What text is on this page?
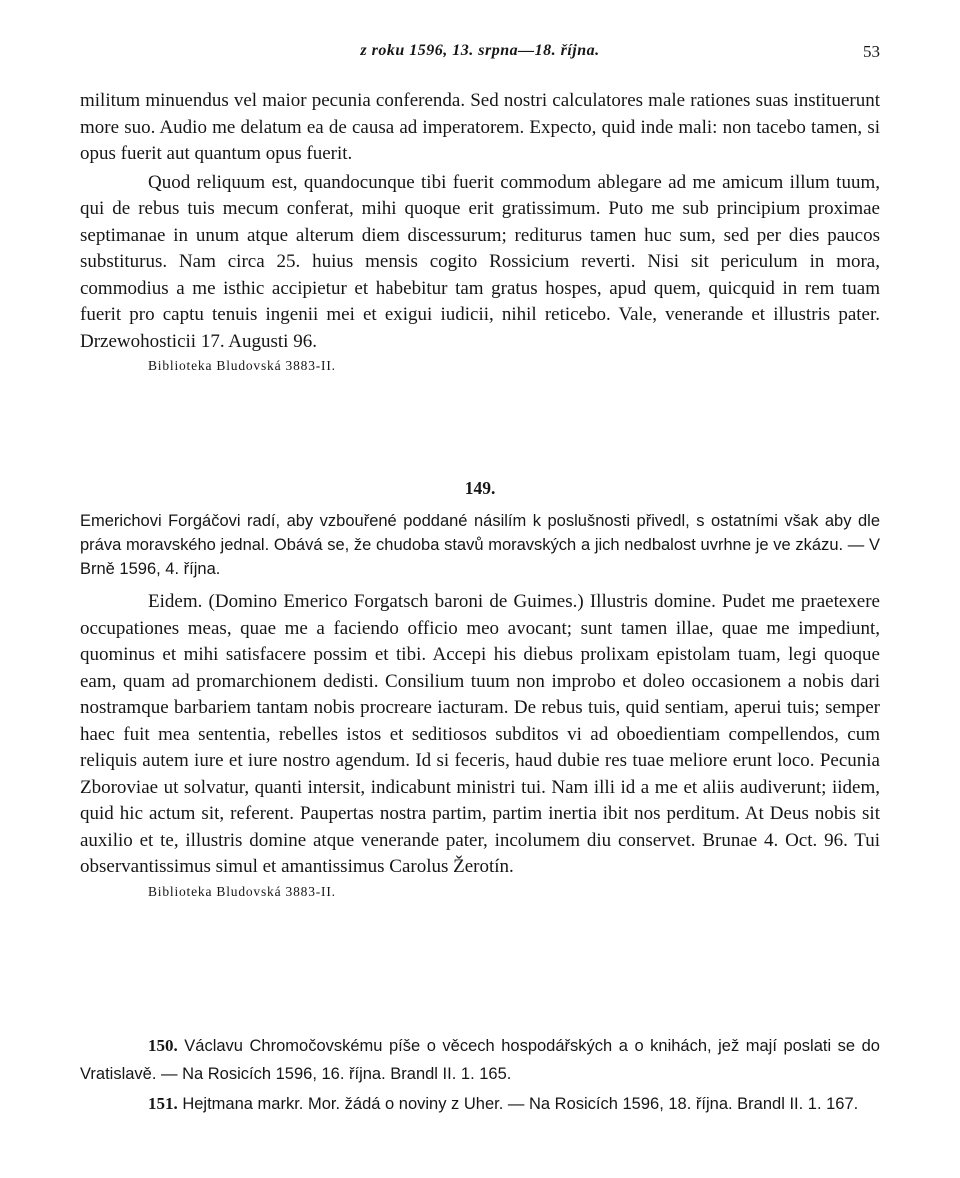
z roku 1596, 13. srpna—18. října.	53

militum minuendus vel maior pecunia conferenda. Sed nostri calculatores male rationes suas instituerunt more suo. Audio me delatum ea de causa ad imperatorem. Expecto, quid inde mali: non tacebo tamen, si opus fuerit aut quantum opus fuerit.

Quod reliquum est, quandocunque tibi fuerit commodum ablegare ad me amicum illum tuum, qui de rebus tuis mecum conferat, mihi quoque erit gratissimum. Puto me sub principium proximae septimanae in unum atque alterum diem discessurum; rediturus tamen huc sum, sed per dies paucos substiturus. Nam circa 25. huius mensis cogito Rossicium reverti. Nisi sit periculum in mora, commodius a me isthic accipietur et habebitur tam gratus hospes, apud quem, quicquid in rem tuam fuerit pro captu tenuis ingenii mei et exigui iudicii, nihil reticebo. Vale, venerande et illustris pater. Drzewohosticii 17. Augusti 96.

Biblioteka Bludovská 3883-II.

149.

Emerichovi Forgáčovi radí, aby vzbouřené poddané násilím k poslušnosti přivedl, s ostatními však aby dle práva moravského jednal. Obává se, že chudoba stavů moravských a jich nedbalost uvrhne je ve zkázu. — V Brně 1596, 4. října.

Eidem. (Domino Emerico Forgatsch baroni de Guimes.) Illustris domine. Pudet me praetexere occupationes meas, quae me a faciendo officio meo avocant; sunt tamen illae, quae me impediunt, quominus et mihi satisfacere possim et tibi. Accepi his diebus prolixam epistolam tuam, legi quoque eam, quam ad promarchionem dedisti. Consilium tuum non improbo et doleo occasionem a nobis dari nostramque barbariem tantam nobis procreare iacturam. De rebus tuis, quid sentiam, aperui tuis; semper haec fuit mea sententia, rebelles istos et seditiosos subditos vi ad oboedientiam compellendos, cum reliquis autem iure et iure nostro agendum. Id si feceris, haud dubie res tuae meliore erunt loco. Pecunia Zboroviae ut solvatur, quanti intersit, indicabunt ministri tui. Nam illi id a me et aliis audiverunt; iidem, quid hic actum sit, referent. Paupertas nostra partim, partim inertia ibit nos perditum. At Deus nobis sit auxilio et te, illustris domine atque venerande pater, incolumem diu conservet. Brunae 4. Oct. 96. Tui observantissimus simul et amantissimus Carolus Žerotín.

Biblioteka Bludovská 3883-II.

150. Václavu Chromočovskému píše o věcech hospodářských a o knihách, jež mají poslati se do Vratislavě. — Na Rosicích 1596, 16. října. Brandl II. 1. 165.

151. Hejtmana markr. Mor. žádá o noviny z Uher. — Na Rosicích 1596, 18. října. Brandl II. 1. 167.
